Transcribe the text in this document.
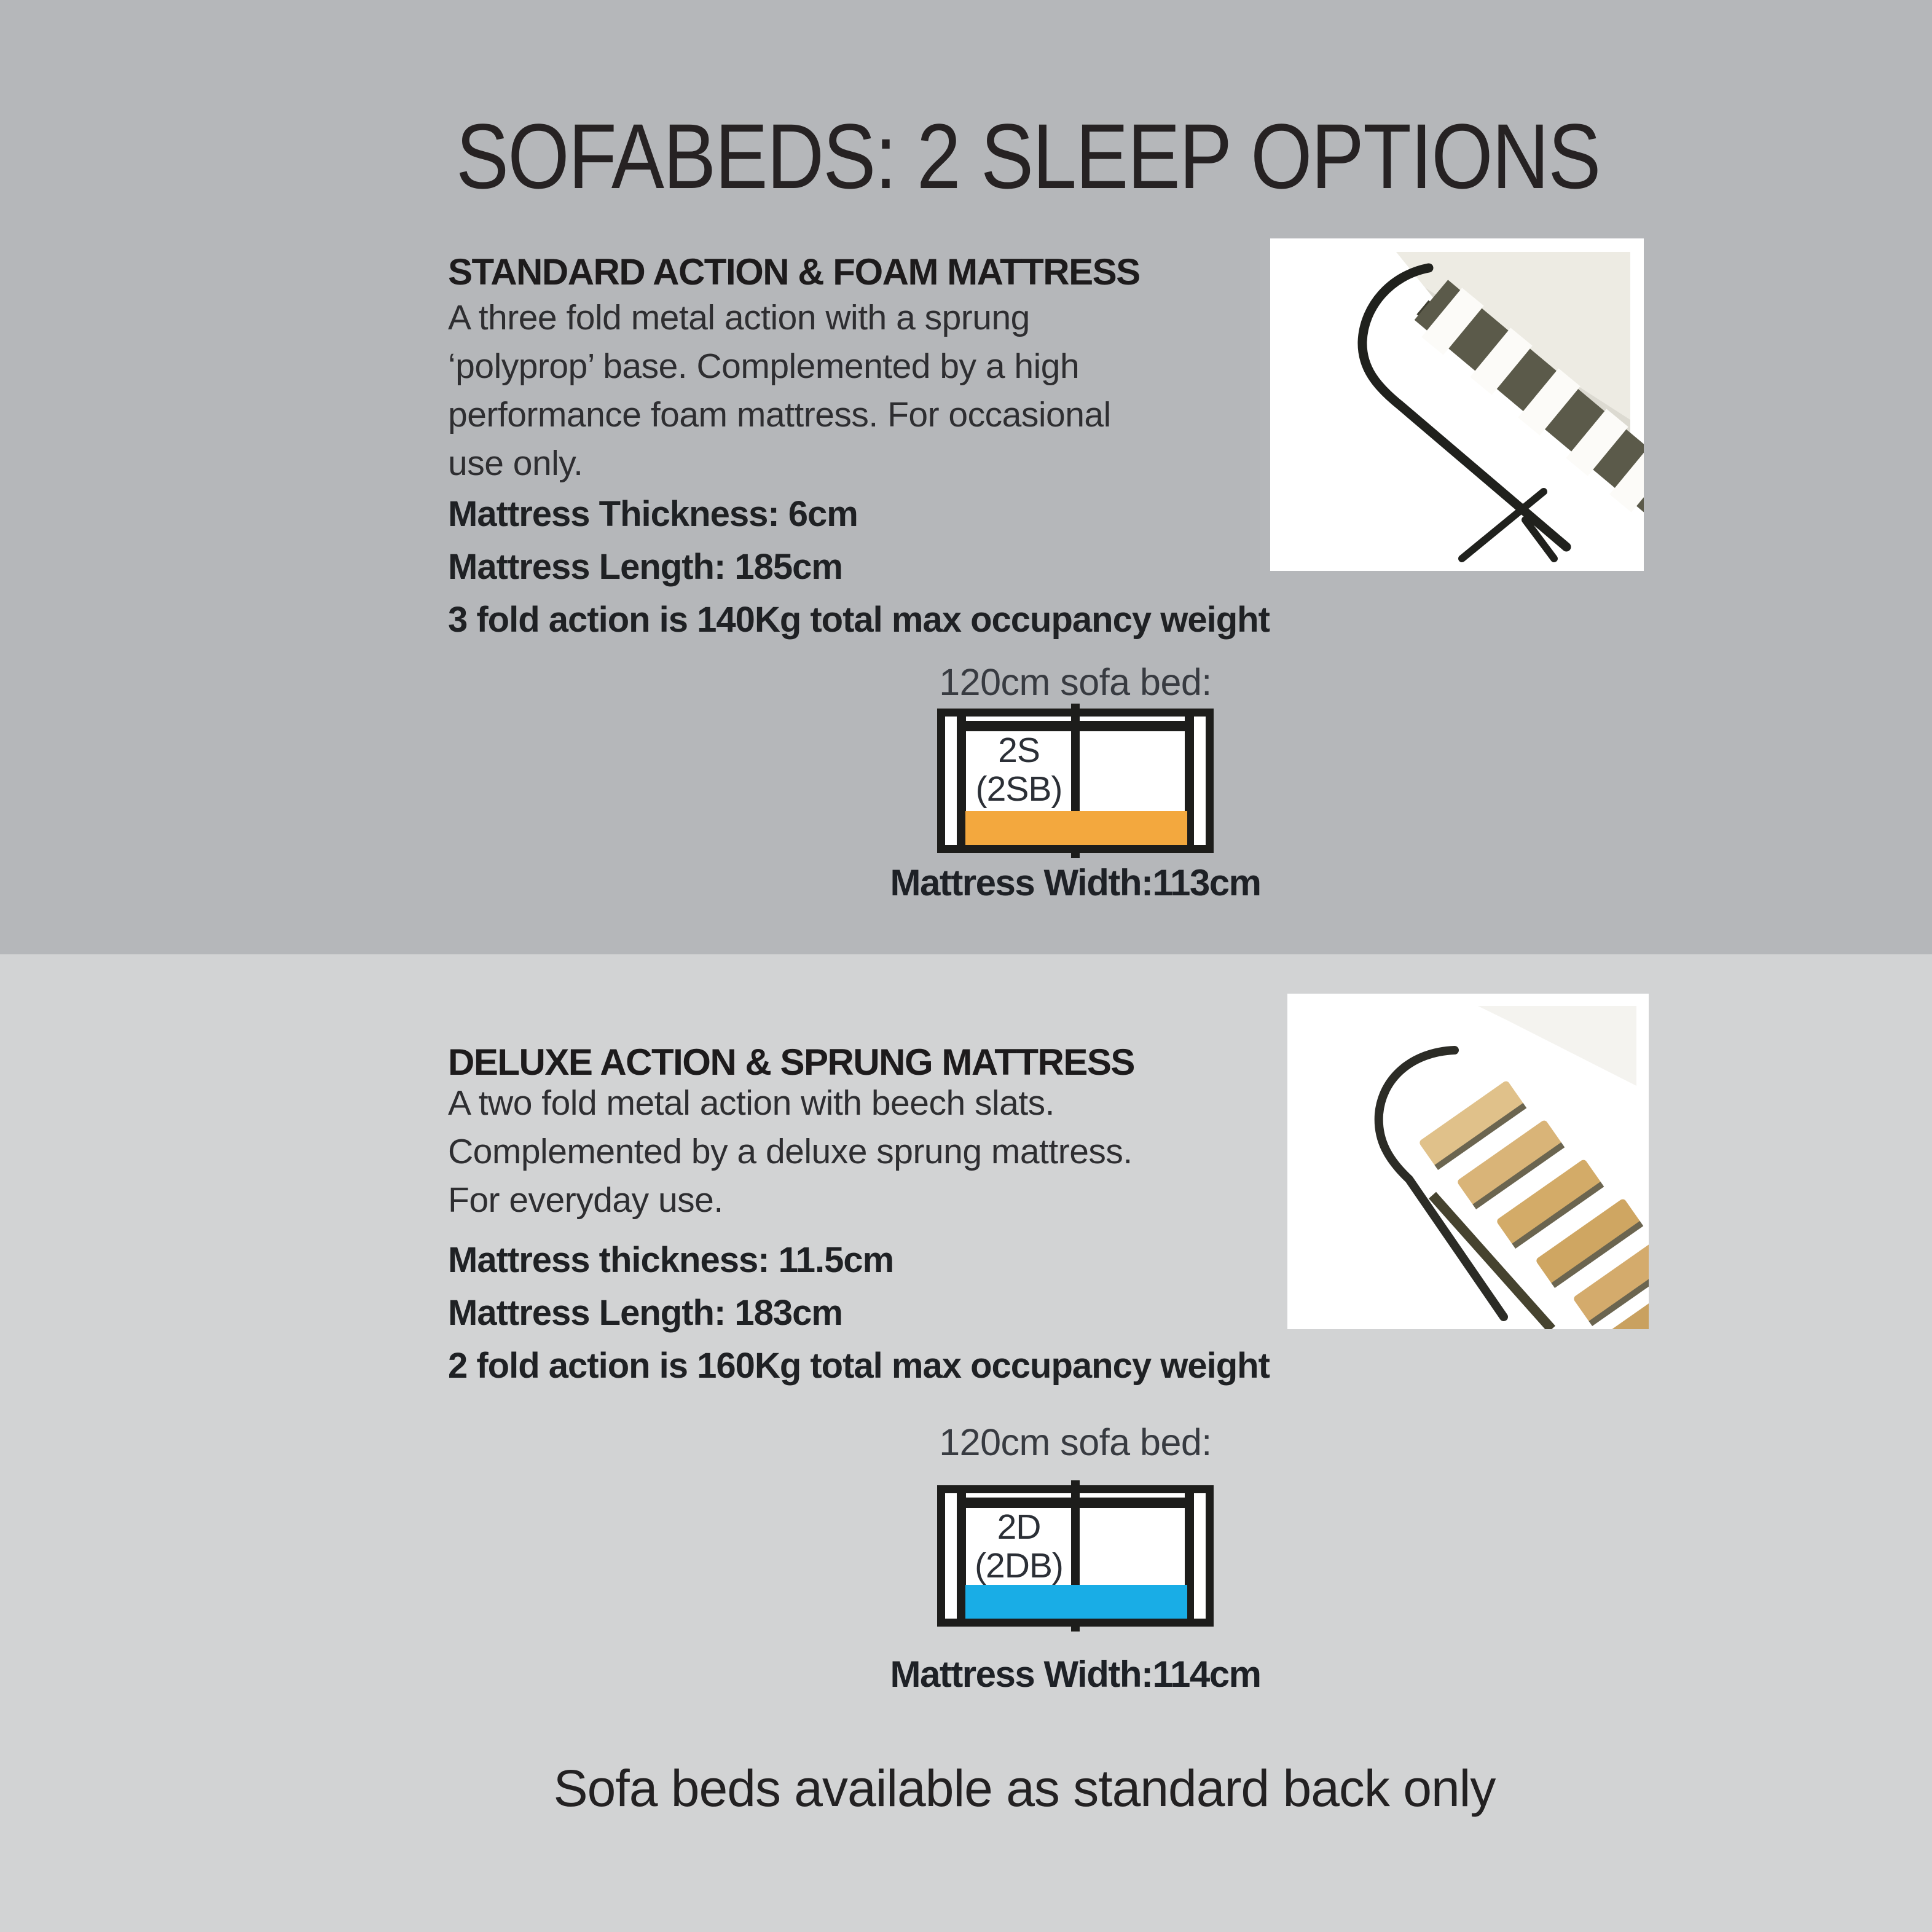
SOFABEDS: 2 SLEEP OPTIONS
STANDARD ACTION & FOAM MATTRESS
A three fold metal action with a sprung
‘polyprop’ base. Complemented by a high
performance foam mattress. For occasional
use only.
Mattress Thickness: 6cm
Mattress Length: 185cm
3 fold action is 140Kg total max occupancy weight
120cm sofa bed:
2S
(2SB)
Mattress Width:113cm
DELUXE ACTION & SPRUNG MATTRESS
A two fold metal action with beech slats.
Complemented by a deluxe sprung mattress.
For everyday use.
Mattress thickness: 11.5cm
Mattress Length: 183cm
2 fold action is 160Kg total max occupancy weight
120cm sofa bed:
2D
(2DB)
Mattress Width:114cm
Sofa beds available as standard back only
